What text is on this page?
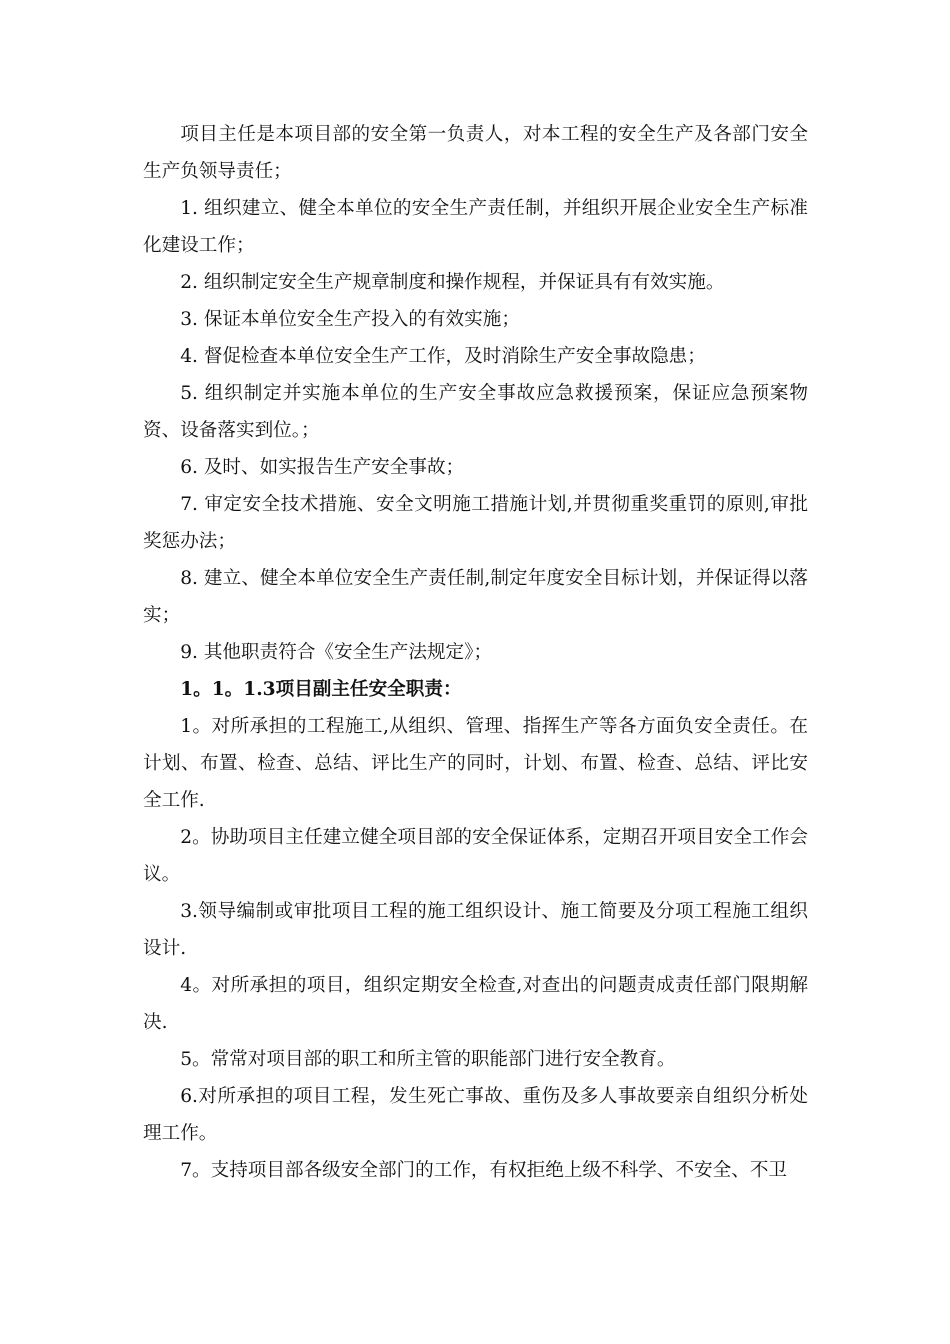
项目主任是本项目部的安全第一负责人，对本工程的安全生产及各部门安全生产负领导责任；

1. 组织建立、健全本单位的安全生产责任制，并组织开展企业安全生产标准化建设工作；

2. 组织制定安全生产规章制度和操作规程，并保证具有有效实施。

3. 保证本单位安全生产投入的有效实施；

4. 督促检查本单位安全生产工作，及时消除生产安全事故隐患；

5. 组织制定并实施本单位的生产安全事故应急救援预案，保证应急预案物资、设备落实到位。；

6. 及时、如实报告生产安全事故；

7. 审定安全技术措施、安全文明施工措施计划,并贯彻重奖重罚的原则,审批奖惩办法；

8. 建立、健全本单位安全生产责任制,制定年度安全目标计划，并保证得以落实；

9. 其他职责符合《安全生产法规定》；

1。1。1.3项目副主任安全职责：

1。对所承担的工程施工,从组织、管理、指挥生产等各方面负安全责任。在计划、布置、检查、总结、评比生产的同时，计划、布置、检查、总结、评比安全工作.

2。协助项目主任建立健全项目部的安全保证体系，定期召开项目安全工作会议。

3.领导编制或审批项目工程的施工组织设计、施工简要及分项工程施工组织设计.

4。对所承担的项目，组织定期安全检查,对查出的问题责成责任部门限期解决.

5。常常对项目部的职工和所主管的职能部门进行安全教育。

6.对所承担的项目工程，发生死亡事故、重伤及多人事故要亲自组织分析处理工作。

7。支持项目部各级安全部门的工作，有权拒绝上级不科学、不安全、不卫
